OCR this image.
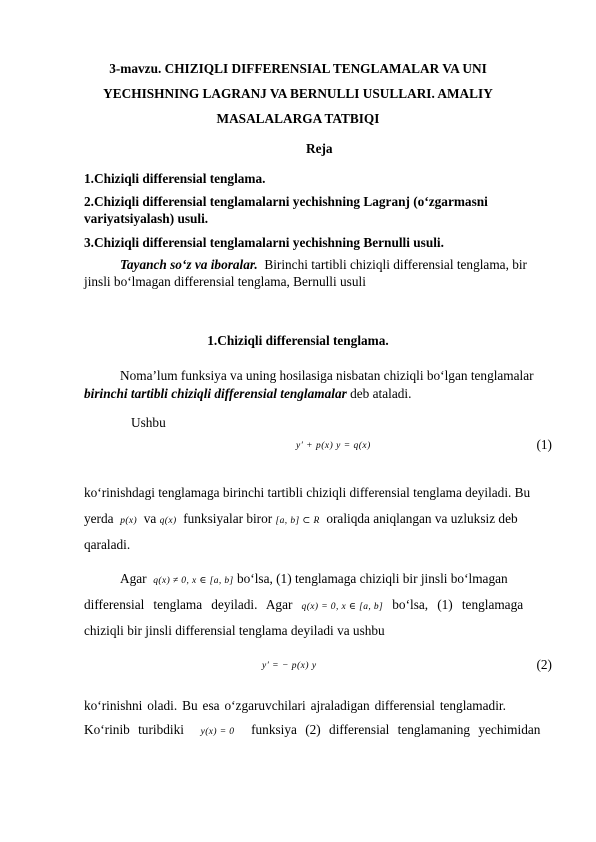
3-mavzu. CHIZIQLI DIFFERENSIAL TENGLAMALAR VA UNI
YECHISHNING LAGRANJ VA BERNULLI USULLARI. AMALIY
MASALALARGA TATBIQI
Reja
1.Chiziqli differensial tenglama.
2.Chiziqli differensial tenglamalarni yechishning Lagranj (o‘zgarmasni
variyatsiyalash) usuli.
3.Chiziqli differensial tenglamalarni yechishning Bernulli usuli.
Tayanch so‘z va iboralar. Birinchi tartibli chiziqli differensial tenglama, bir
jinsli bo‘lmagan differensial tenglama, Bernulli usuli
1.Chiziqli differensial tenglama.
Noma’lum funksiya va uning hosilasiga nisbatan chiziqli bo‘lgan tenglamalar
birinchi tartibli chiziqli differensial tenglamalar deb ataladi.
Ushbu
y′ + p(x) y = q(x)	(1)
ko‘rinishdagi tenglamaga birinchi tartibli chiziqli differensial tenglama deyiladi. Bu
yerda p(x) va q(x) funksiyalar biror [a, b] ⊂ R oraliqda aniqlangan va uzluksiz deb
qaraladi.
Agar q(x) ≠ 0, x ∈ [a, b] bo‘lsa, (1) tenglamaga chiziqli bir jinsli bo‘lmagan
differensial tenglama deyiladi. Agar q(x) = 0, x ∈ [a, b] bo‘lsa, (1) tenglamaga
chiziqli bir jinsli differensial tenglama deyiladi va ushbu
y′ = − p(x) y	(2)
ko‘rinishni oladi. Bu esa o‘zgaruvchilari ajraladigan differensial tenglamadir.
Ko‘rinib turibdiki y(x) = 0 funksiya (2) differensial tenglamaning yechimidan
